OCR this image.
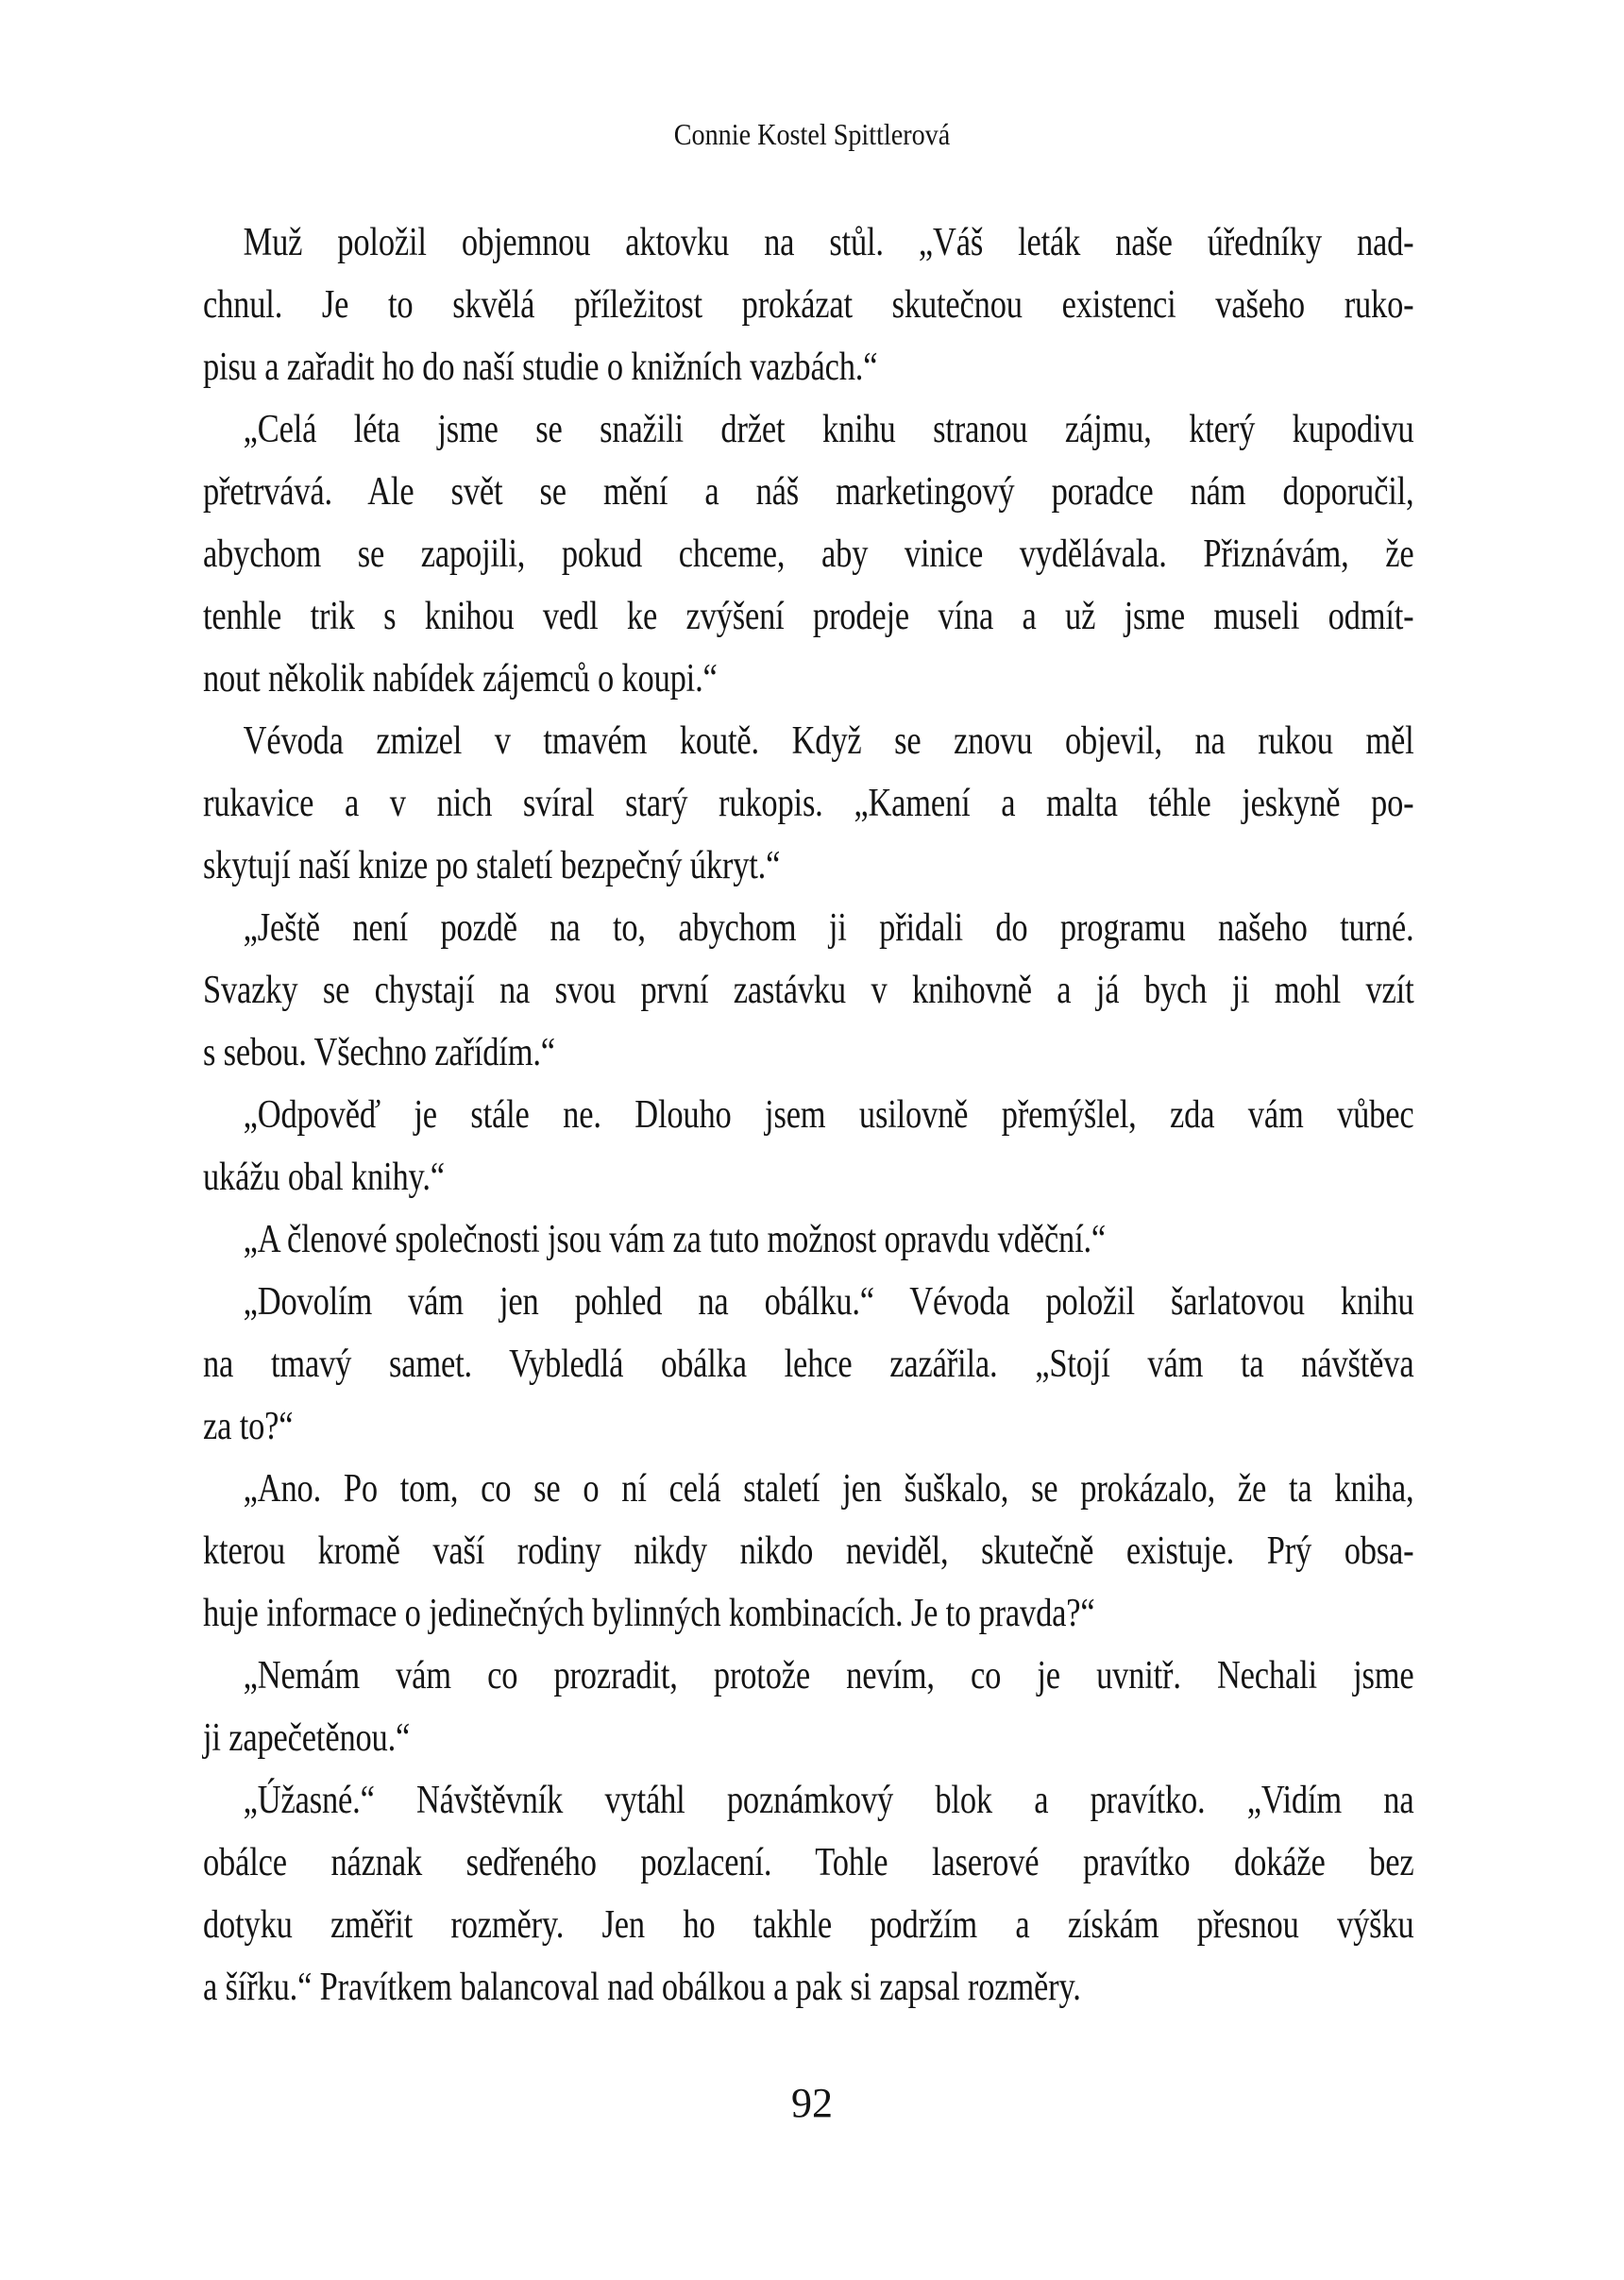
Connie Kostel Spittlerová
Muž položil objemnou aktovku na stůl. „Váš leták naše úředníky nad-
chnul. Je to skvělá příležitost prokázat skutečnou existenci vašeho ruko-
pisu a zařadit ho do naší studie o knižních vazbách.“
„Celá léta jsme se snažili držet knihu stranou zájmu, který kupodivu
přetrvává. Ale svět se mění a náš marketingový poradce nám doporučil,
abychom se zapojili, pokud chceme, aby vinice vydělávala. Přiznávám, že
tenhle trik s knihou vedl ke zvýšení prodeje vína a už jsme museli odmít-
nout několik nabídek zájemců o koupi.“
Vévoda zmizel v tmavém koutě. Když se znovu objevil, na rukou měl
rukavice a v nich svíral starý rukopis. „Kamení a malta téhle jeskyně po-
skytují naší knize po staletí bezpečný úkryt.“
„Ještě není pozdě na to, abychom ji přidali do programu našeho turné.
Svazky se chystají na svou první zastávku v knihovně a já bych ji mohl vzít
s sebou. Všechno zařídím.“
„Odpověď je stále ne. Dlouho jsem usilovně přemýšlel, zda vám vůbec
ukážu obal knihy.“
„A členové společnosti jsou vám za tuto možnost opravdu vděční.“
„Dovolím vám jen pohled na obálku.“ Vévoda položil šarlatovou knihu
na tmavý samet. Vybledlá obálka lehce zazářila. „Stojí vám ta návštěva
za to?“
„Ano. Po tom, co se o ní celá staletí jen šuškalo, se prokázalo, že ta kniha,
kterou kromě vaší rodiny nikdy nikdo neviděl, skutečně existuje. Prý obsa-
huje informace o jedinečných bylinných kombinacích. Je to pravda?“
„Nemám vám co prozradit, protože nevím, co je uvnitř. Nechali jsme
ji zapečetěnou.“
„Úžasné.“ Návštěvník vytáhl poznámkový blok a pravítko. „Vidím na
obálce náznak sedřeného pozlacení. Tohle laserové pravítko dokáže bez
dotyku změřit rozměry. Jen ho takhle podržím a získám přesnou výšku
a šířku.“ Pravítkem balancoval nad obálkou a pak si zapsal rozměry.
92
